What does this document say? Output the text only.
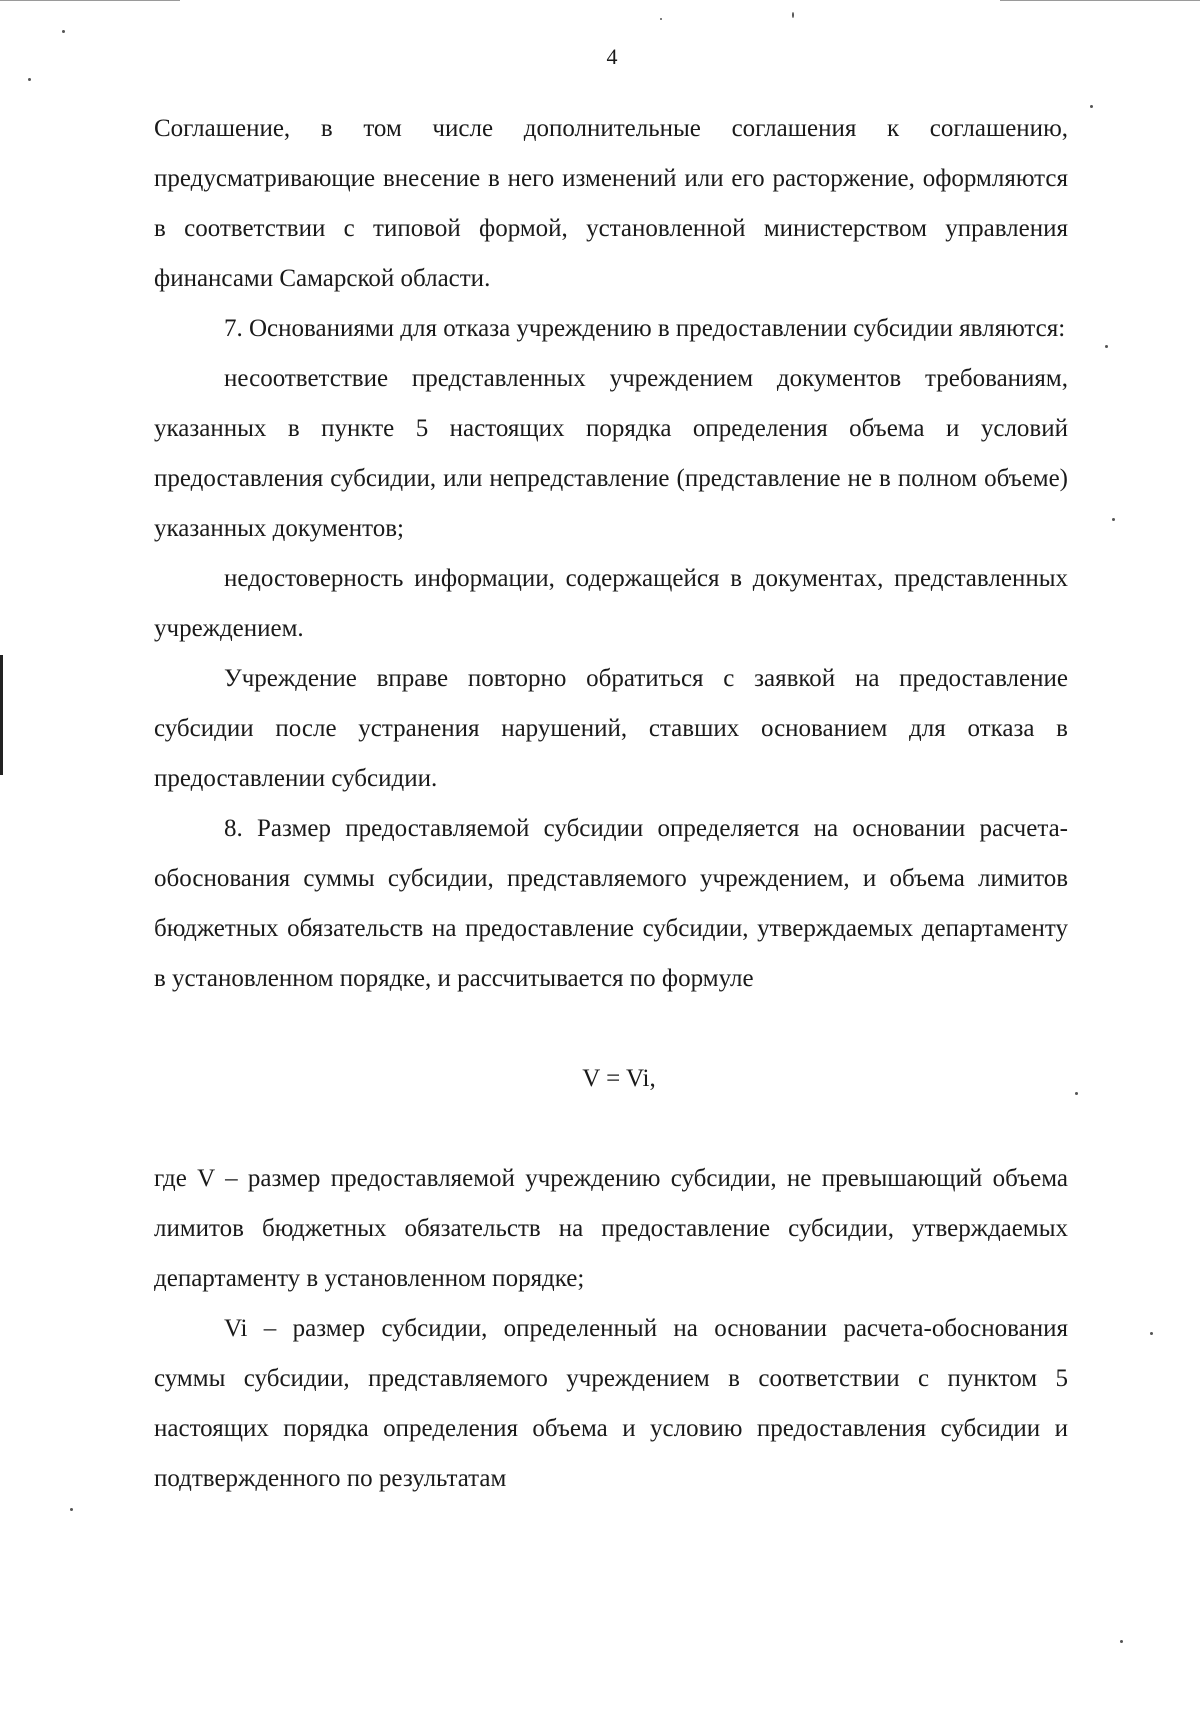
4

Соглашение, в том числе дополнительные соглашения к соглашению, предусматривающие внесение в него изменений или его расторжение, оформляются в соответствии с типовой формой, установленной министерством управления финансами Самарской области.

7. Основаниями для отказа учреждению в предоставлении субсидии являются:

несоответствие представленных учреждением документов требованиям, указанных в пункте 5 настоящих порядка определения объема и условий предоставления субсидии, или непредставление (представление не в полном объеме) указанных документов;

недостоверность информации, содержащейся в документах, представленных учреждением.

Учреждение вправе повторно обратиться с заявкой на предоставление субсидии после устранения нарушений, ставших основанием для отказа в предоставлении субсидии.

8. Размер предоставляемой субсидии определяется на основании расчета-обоснования суммы субсидии, представляемого учреждением, и объема лимитов бюджетных обязательств на предоставление субсидии, утверждаемых департаменту в установленном порядке, и рассчитывается по формуле

V = Vi,

где V – размер предоставляемой учреждению субсидии, не превышающий объема лимитов бюджетных обязательств на предоставление субсидии, утверждаемых департаменту в установленном порядке;

Vi – размер субсидии, определенный на основании расчета-обоснования суммы субсидии, представляемого учреждением в соответствии с пунктом 5 настоящих порядка определения объема и условию предоставления субсидии и подтвержденного по результатам
